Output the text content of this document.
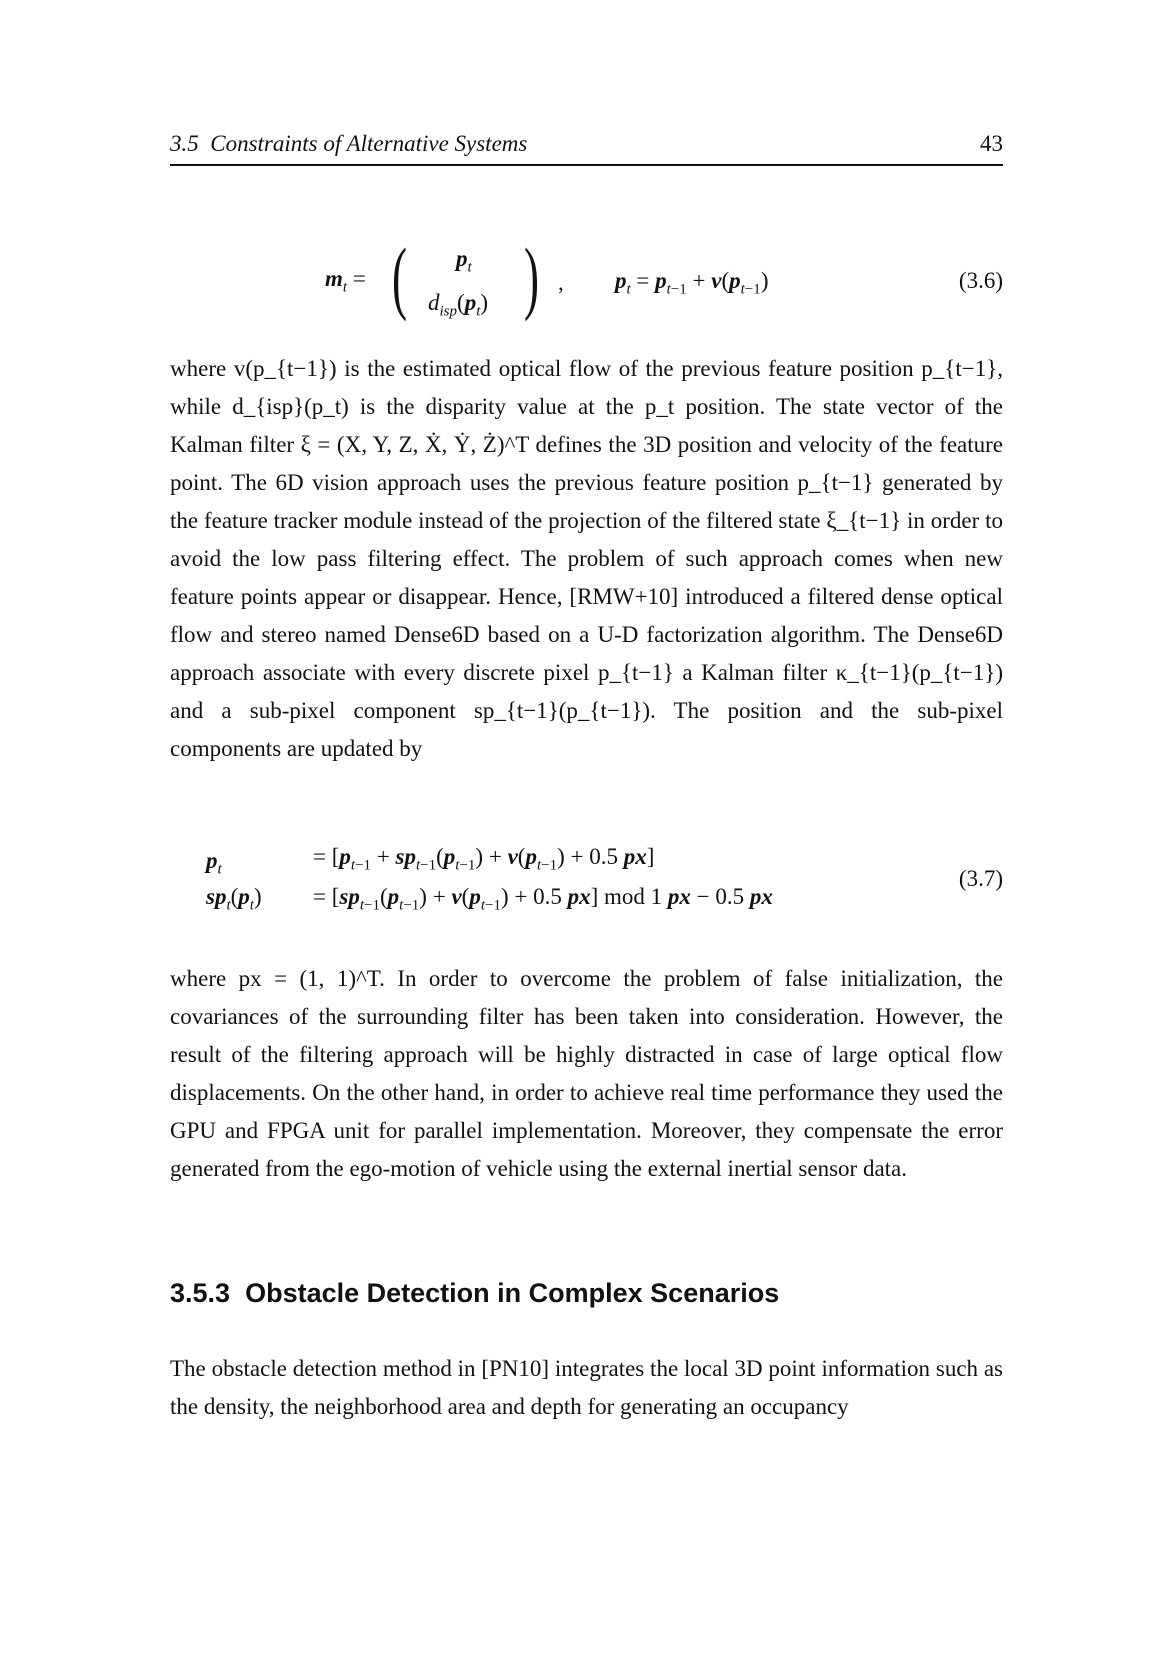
3.5 Constraints of Alternative Systems	43
$m_t$ = ( $p_t$
$d_{isp}(p_t)$ ) , $p_t = p_{t-1} + v(p_{t-1})$	(3.6)

where v(p_{t−1}) is the estimated optical flow of the previous feature position p_{t−1}, while d_{isp}(p_t) is the disparity value at the p_t position. The state vector of the Kalman filter ξ = (X, Y, Z, Ẋ, Ẏ, Ż)^T defines the 3D position and velocity of the feature point. The 6D vision approach uses the previous feature position p_{t−1} generated by the feature tracker module instead of the projection of the filtered state ξ_{t−1} in order to avoid the low pass filtering effect. The problem of such approach comes when new feature points appear or disappear. Hence, [RMW+10] introduced a filtered dense optical flow and stereo named Dense6D based on a U-D factorization algorithm. The Dense6D approach associate with every discrete pixel p_{t−1} a Kalman filter κ_{t−1}(p_{t−1}) and a sub-pixel component sp_{t−1}(p_{t−1}). The position and the sub-pixel components are updated by

$p_t$
= [$p_{t-1} + sp_{t-1}(p_{t-1}) + v(p_{t-1}) + 0.5$ px]
$sp_t(p_t) = [sp_{t-1}(p_{t-1}) + v(p_{t-1}) + 0.5$ px] mod 1 px − 0.5 px
(3.7)

where px = (1, 1)^T. In order to overcome the problem of false initialization, the covariances of the surrounding filter has been taken into consideration. However, the result of the filtering approach will be highly distracted in case of large optical flow displacements. On the other hand, in order to achieve real time performance they used the GPU and FPGA unit for parallel implementation. Moreover, they compensate the error generated from the ego-motion of vehicle using the external inertial sensor data.

3.5.3 Obstacle Detection in Complex Scenarios

The obstacle detection method in [PN10] integrates the local 3D point information such as the density, the neighborhood area and depth for generating an occupancy
